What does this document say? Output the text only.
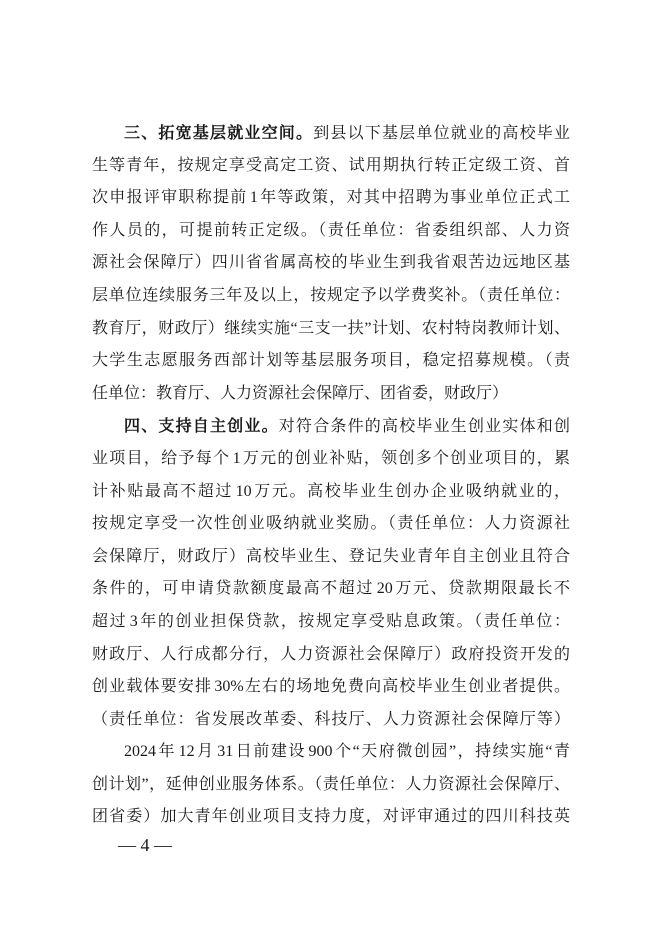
三、拓宽基层就业空间。到县以下基层单位就业的高校毕业
生等青年，按规定享受高定工资、试用期执行转正定级工资、首
次申报评审职称提前 1 年等政策，对其中招聘为事业单位正式工
作人员的，可提前转正定级。（责任单位：省委组织部、人力资
源社会保障厅）四川省省属高校的毕业生到我省艰苦边远地区基
层单位连续服务三年及以上，按规定予以学费奖补。（责任单位：
教育厅，财政厅）继续实施“三支一扶”计划、农村特岗教师计划、
大学生志愿服务西部计划等基层服务项目，稳定招募规模。（责
任单位：教育厅、人力资源社会保障厅、团省委，财政厅）
四、支持自主创业。对符合条件的高校毕业生创业实体和创
业项目，给予每个 1 万元的创业补贴，领创多个创业项目的，累
计补贴最高不超过 10 万元。高校毕业生创办企业吸纳就业的，
按规定享受一次性创业吸纳就业奖励。（责任单位：人力资源社
会保障厅，财政厅）高校毕业生、登记失业青年自主创业且符合
条件的，可申请贷款额度最高不超过 20 万元、贷款期限最长不
超过 3 年的创业担保贷款，按规定享受贴息政策。（责任单位：
财政厅、人行成都分行，人力资源社会保障厅）政府投资开发的
创业载体要安排 30%左右的场地免费向高校毕业生创业者提供。
（责任单位：省发展改革委、科技厅、人力资源社会保障厅等）
2024 年 12 月 31 日前建设 900 个“天府微创园”，持续实施“青
创计划”，延伸创业服务体系。（责任单位：人力资源社会保障厅、
团省委）加大青年创业项目支持力度，对评审通过的四川科技英
— 4 —
